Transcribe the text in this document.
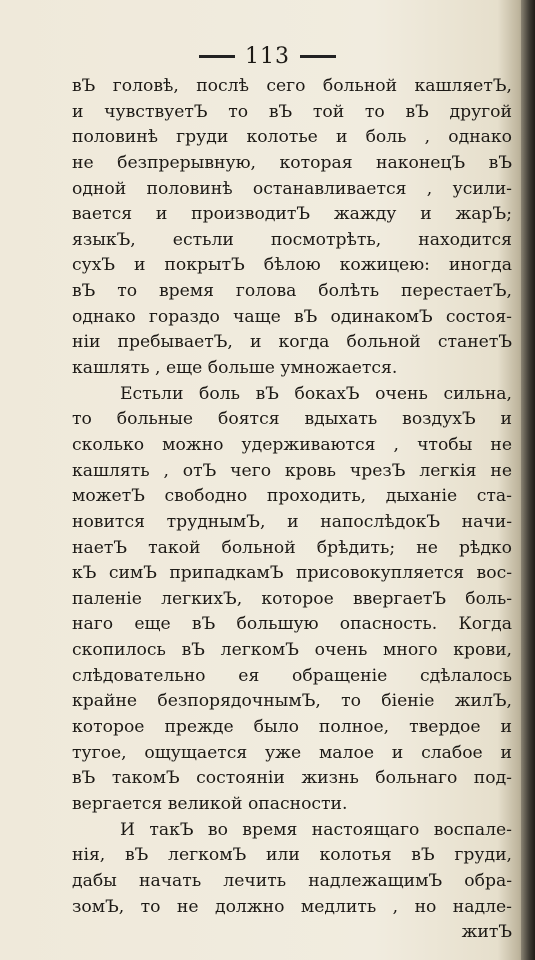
113
вЪ головѣ, послѣ сего больной кашляетЪ,
и чувствуетЪ то вЪ той то вЪ другой
половинѣ груди колотье и боль , однако
не безпрерывную, которая наконецЪ вЪ
одной половинѣ останавливается , усили-
вается и производитЪ жажду и жарЪ;
языкЪ, естьли посмотрѣть, находится
сухЪ и покрытЪ бѣлою кожицею: иногда
вЪ то время голова болѣть перестаетЪ,
однако гораздо чаще вЪ одинакомЪ состоя-
нiи пребываетЪ, и когда больной станетЪ
кашлять , еще больше умножается.
Естьли боль вЪ бокахЪ очень сильна,
то больные боятся вдыхать воздухЪ и
сколько можно удерживаются , чтобы не
кашлять , отЪ чего кровь чрезЪ легкiя не
можетЪ свободно проходить, дыханiе ста-
новится труднымЪ, и напослѣдокЪ начи-
наетЪ такой больной брѣдить; не рѣдко
кЪ симЪ припадкамЪ присовокупляется вос-
паленiе легкихЪ, которое ввергаетЪ боль-
наго еще вЪ большую опасность. Когда
скопилось вЪ легкомЪ очень много крови,
слѣдовательно ея обращенiе сдѣлалось
крайне безпорядочнымЪ, то бiенiе жилЪ,
которое прежде было полное, твердое и
тугое, ощущается уже малое и слабое и
вЪ такомЪ состоянiи жизнь больнаго под-
вергается великой опасности.
И такЪ во время настоящаго воспале-
нiя, вЪ легкомЪ или колотья вЪ груди,
дабы начать лечить надлежащимЪ обра-
зомЪ, то не должно медлить , но надле-
житЪ
